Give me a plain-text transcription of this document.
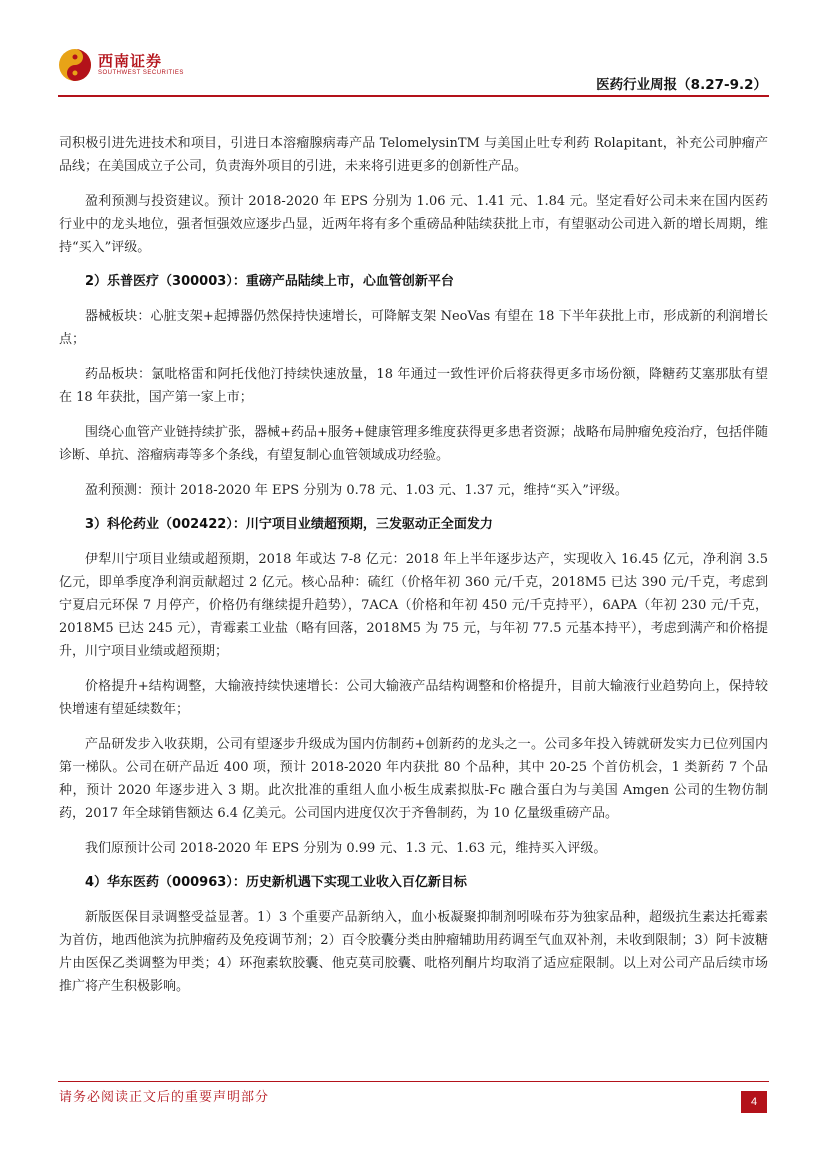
西南证券
SOUTHWEST SECURITIES
医药行业周报（8.27-9.2）

司积极引进先进技术和项目，引进日本溶瘤腺病毒产品 TelomelysinTM 与美国止吐专利药 Rolapitant，补充公司肿瘤产品线；在美国成立子公司，负责海外项目的引进，未来将引进更多的创新性产品。

盈利预测与投资建议。预计 2018-2020 年 EPS 分别为 1.06 元、1.41 元、1.84 元。坚定看好公司未来在国内医药行业中的龙头地位，强者恒强效应逐步凸显，近两年将有多个重磅品种陆续获批上市，有望驱动公司进入新的增长周期，维持“买入”评级。

2）乐普医疗（300003）：重磅产品陆续上市，心血管创新平台

器械板块：心脏支架+起搏器仍然保持快速增长，可降解支架 NeoVas 有望在 18 下半年获批上市，形成新的利润增长点；

药品板块：氯吡格雷和阿托伐他汀持续快速放量，18 年通过一致性评价后将获得更多市场份额，降糖药艾塞那肽有望在 18 年获批，国产第一家上市；

围绕心血管产业链持续扩张，器械+药品+服务+健康管理多维度获得更多患者资源；战略布局肿瘤免疫治疗，包括伴随诊断、单抗、溶瘤病毒等多个条线，有望复制心血管领域成功经验。

盈利预测：预计 2018-2020 年 EPS 分别为 0.78 元、1.03 元、1.37 元，维持“买入”评级。

3）科伦药业（002422）：川宁项目业绩超预期，三发驱动正全面发力

伊犁川宁项目业绩或超预期，2018 年或达 7-8 亿元：2018 年上半年逐步达产，实现收入 16.45 亿元，净利润 3.5 亿元，即单季度净利润贡献超过 2 亿元。核心品种：硫红（价格年初 360 元/千克，2018M5 已达 390 元/千克，考虑到宁夏启元环保 7 月停产，价格仍有继续提升趋势），7ACA（价格和年初 450 元/千克持平），6APA（年初 230 元/千克，2018M5 已达 245 元），青霉素工业盐（略有回落，2018M5 为 75 元，与年初 77.5 元基本持平），考虑到满产和价格提升，川宁项目业绩或超预期；

价格提升+结构调整，大输液持续快速增长：公司大输液产品结构调整和价格提升，目前大输液行业趋势向上，保持较快增速有望延续数年；

产品研发步入收获期，公司有望逐步升级成为国内仿制药+创新药的龙头之一。公司多年投入铸就研发实力已位列国内第一梯队。公司在研产品近 400 项，预计 2018-2020 年内获批 80 个品种，其中 20-25 个首仿机会，1 类新药 7 个品种，预计 2020 年逐步进入 3 期。此次批准的重组人血小板生成素拟肽-Fc 融合蛋白为与美国 Amgen 公司的生物仿制药，2017 年全球销售额达 6.4 亿美元。公司国内进度仅次于齐鲁制药，为 10 亿量级重磅产品。

我们原预计公司 2018-2020 年 EPS 分别为 0.99 元、1.3 元、1.63 元，维持买入评级。

4）华东医药（000963）：历史新机遇下实现工业收入百亿新目标

新版医保目录调整受益显著。1）3 个重要产品新纳入，血小板凝聚抑制剂吲哚布芬为独家品种，超级抗生素达托霉素为首仿，地西他滨为抗肿瘤药及免疫调节剂；2）百令胶囊分类由肿瘤辅助用药调至气血双补剂，未收到限制；3）阿卡波糖片由医保乙类调整为甲类；4）环孢素软胶囊、他克莫司胶囊、吡格列酮片均取消了适应症限制。以上对公司产品后续市场推广将产生积极影响。

请务必阅读正文后的重要声明部分	4
